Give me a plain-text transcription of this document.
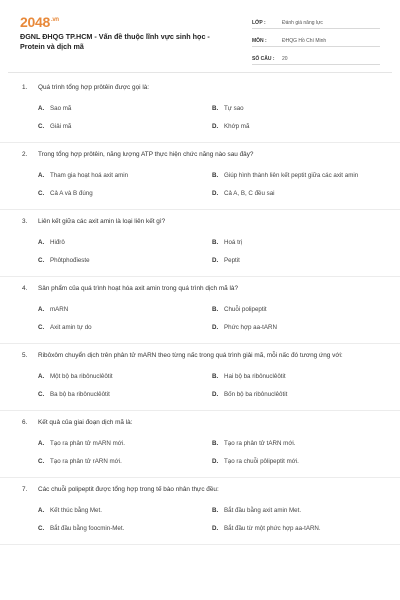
$2048^{.vn}$
ĐGNL ĐHQG TP.HCM - Vấn đề thuộc lĩnh vực sinh học - Protein và dịch mã
LỚP :	Đánh giá năng lực
MÔN :	ĐHQG Hồ Chí Minh
SỐ CÂU :	20
1.	Quá trình tổng hợp prôtêin được gọi là:
A. Sao mã	B. Tự sao
C. Giải mã	D. Khớp mã
2.	Trong tổng hợp prôtêin, năng lượng ATP thực hiện chức năng nào sau đây?
A. Tham gia hoạt hoá axit amin	B. Giúp hình thành liên kết peptit giữa các axit amin
C. Cả A và B đúng	D. Cả A, B, C đều sai
3.	Liên kết giữa các axit amin là loại liên kết gì?
A. Hiđrô	B. Hoá trị
C. Phôtphođieste	D. Peptit
4.	Sản phẩm của quá trình hoạt hóa axit amin trong quá trình dịch mã là?
A. mARN	B. Chuỗi polipeptit
C. Axit amin tự do	D. Phức hợp aa-tARN
5.	Ribôxôm chuyển dịch trên phân tử mARN theo từng nấc trong quá trình giải mã, mỗi nấc đó tương ứng với:
A. Một bộ ba ribônuclêôtit	B. Hai bộ ba ribônuclêôtit
C. Ba bộ ba ribônuclêôtit	D. Bốn bộ ba ribônuclêôtit
6.	Kết quả của giai đoạn dịch mã là:
A. Tạo ra phân tử mARN mới.	B. Tạo ra phân tử tARN mới.
C. Tạo ra phân tử rARN mới.	D. Tạo ra chuỗi pôlipeptit mới.
7.	Các chuỗi polipeptit được tổng hợp trong tế bào nhân thực đều:
A. Kết thúc bằng Met.	B. Bắt đầu bằng axit amin Met.
C. Bắt đầu bằng foocmin-Met.	D. Bắt đầu từ một phức hợp aa-tARN.
